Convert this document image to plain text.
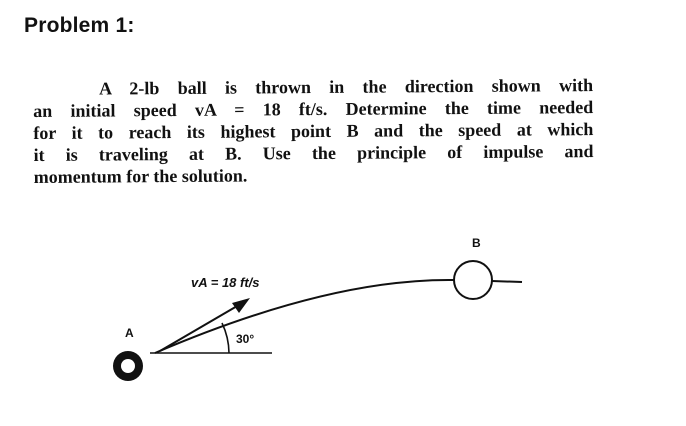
Problem 1:
A 2-lb ball is thrown in the direction shown with
an initial speed vA = 18 ft/s. Determine the time needed
for it to reach its highest point B and the speed at which
it is traveling at B. Use the principle of impulse and
momentum for the solution.
A
B
vA = 18 ft/s
30°
